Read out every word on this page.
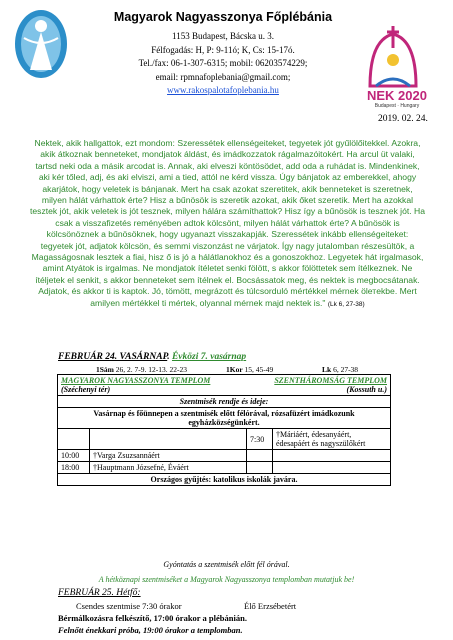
NEK 2020
Budapest · Hungary
2019. 02. 24.
Magyarok Nagyasszonya Főplébánia
1153 Budapest, Bácska u. 3.
Félfogadás: H, P: 9-11ó; K, Cs: 15-17ó.
Tel./fax: 06-1-307-6315; mobil: 06203574229;
email: rpmnafoplebania@gmail.com;
www.rakospalotafoplebania.hu
Nektek, akik hallgattok, ezt mondom: Szeressétek ellenségeiteket, tegyetek jót gyűlölőitekkel. Azokra, akik átkoznak benneteket, mondjatok áldást, és imádkozzatok rágalmazóitokért. Ha arcul üt valaki, tartsd neki oda a másik arcodat is. Annak, aki elveszi köntösödet, add oda a ruhádat is. Mindenkinek, aki kér tőled, adj, és aki elviszi, ami a tied, attól ne kérd vissza. Úgy bánjatok az emberekkel, ahogy akarjátok, hogy veletek is bánjanak. Mert ha csak azokat szeretitek, akik benneteket is szeretnek, milyen hálát várhattok érte? Hisz a bűnösök is szeretik azokat, akik őket szeretik. Mert ha azokkal tesztek jót, akik veletek is jót tesznek, milyen hálára számíthattok? Hisz így a bűnösök is tesznek jót. Ha csak a visszafizetés reményében adtok kölcsönt, milyen hálát várhattok érte? A bűnösök is kölcsönöznek a bűnösöknek, hogy ugyanazt visszakapják. Szeressétek inkább ellenségeiteket: tegyetek jót, adjatok kölcsön, és semmi viszonzást ne várjatok. Így nagy jutalomban részesültök, a Magasságosnak lesztek a fiai, hisz ő is jó a hálátlanokhoz és a gonoszokhoz. Legyetek hát irgalmasok, amint Atyátok is irgalmas. Ne mondjatok ítéletet senki fölött, s akkor fölöttetek sem ítélkeznek. Ne ítéljetek el senkit, s akkor benneteket sem ítélnek el. Bocsássatok meg, és nektek is megbocsátanak. Adjatok, és akkor ti is kaptok. Jó, tömött, megrázott és túlcsorduló mértékkel mérnek ölетekbe. Mert amilyen mértékkel ti mértek, olyannal mérnek majd nektek is." (Lk 6, 27-38)
FEBRUÁR 24. VASÁRNAP. Évközi 7. vasárnap
1Sám 26, 2. 7-9. 12-13. 22-23	1Kor 15, 45-49	Lk 6, 27-38
MAGYAROK NAGYASSZONYA TEMPLOM
(Széchenyi tér)		SZENTHÁROMSÁG TEMPLOM
(Kossuth u.)	
Szentmisék rendje és ideje:			
Vasárnap és főünnepen a szentmisék előtt félórával, rózsafüzért imádkozunk egyházközségünkért.			
		7:30	†Máriáért, édesanyáért, édesapáért és nagyszülőkért
10:00	†Varga Zsuzsannáért		
18:00	†Hauptmann Józsefné, Éváért		
Országos gyűjtés: katolikus iskolák javára.			
Gyóntatás a szentmisék előtt fél órával.
A hétköznapi szentmiséket a Magyarok Nagyasszonya templomban mutatjuk be!
FEBRUÁR 25. Hétfő:
Csendes szentmise 7:30 órakor	Élő Erzsébetért
Bérmálkozásra felkészítő, 17:00 órakor a plébánián.
Felnőtt énekkari próba, 19:00 órakor a templomban.
